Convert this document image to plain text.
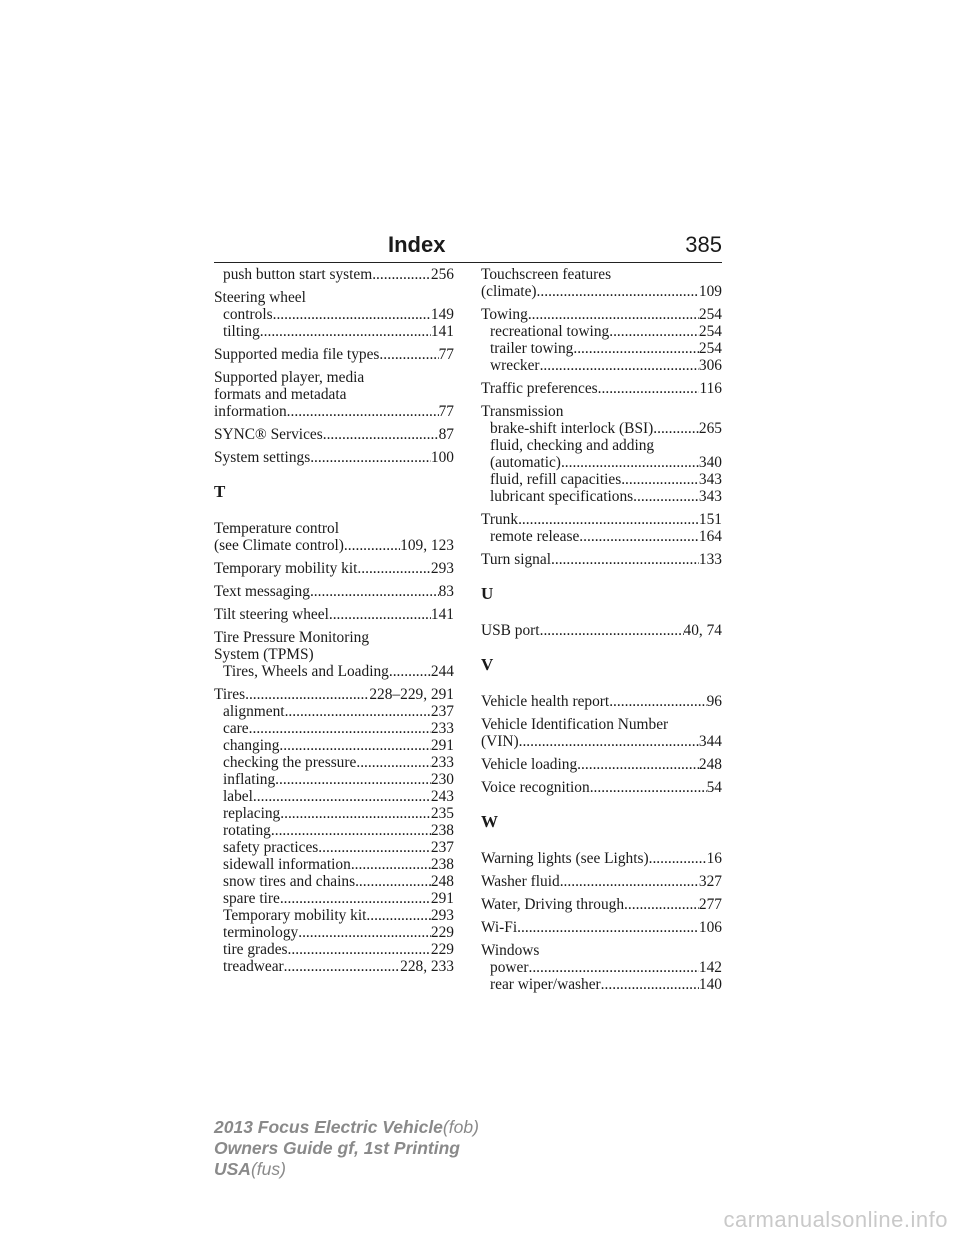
Index	385
push button start system .....	256
Steering wheel
controls .....	149
tilting .....	141
Supported media file types .....	77
Supported player, media
formats and metadata
information .....	77
SYNC® Services .....	87
System settings .....	100
T
Temperature control
(see Climate control) .....	109, 123
Temporary mobility kit .....	293
Text messaging .....	83
Tilt steering wheel .....	141
Tire Pressure Monitoring
System (TPMS)
Tires, Wheels and Loading .....	244
Tires .....	228–229, 291
alignment .....	237
care .....	233
changing .....	291
checking the pressure .....	233
inflating .....	230
label .....	243
replacing .....	235
rotating .....	238
safety practices .....	237
sidewall information .....	238
snow tires and chains .....	248
spare tire .....	291
Temporary mobility kit .....	293
terminology .....	229
tire grades .....	229
treadwear .....	228, 233
Touchscreen features
(climate) .....	109
Towing .....	254
recreational towing .....	254
trailer towing .....	254
wrecker .....	306
Traffic preferences .....	116
Transmission
brake-shift interlock (BSI) .....	265
fluid, checking and adding
(automatic) .....	340
fluid, refill capacities .....	343
lubricant specifications .....	343
Trunk .....	151
remote release .....	164
Turn signal .....	133
U
USB port .....	40, 74
V
Vehicle health report .....	96
Vehicle Identification Number
(VIN) .....	344
Vehicle loading .....	248
Voice recognition .....	54
W
Warning lights (see Lights) .....	16
Washer fluid .....	327
Water, Driving through .....	277
Wi-Fi .....	106
Windows
power .....	142
rear wiper/washer .....	140
2013 Focus Electric Vehicle(fob)
Owners Guide gf, 1st Printing
USA(fus)
carmanualsonline.info
